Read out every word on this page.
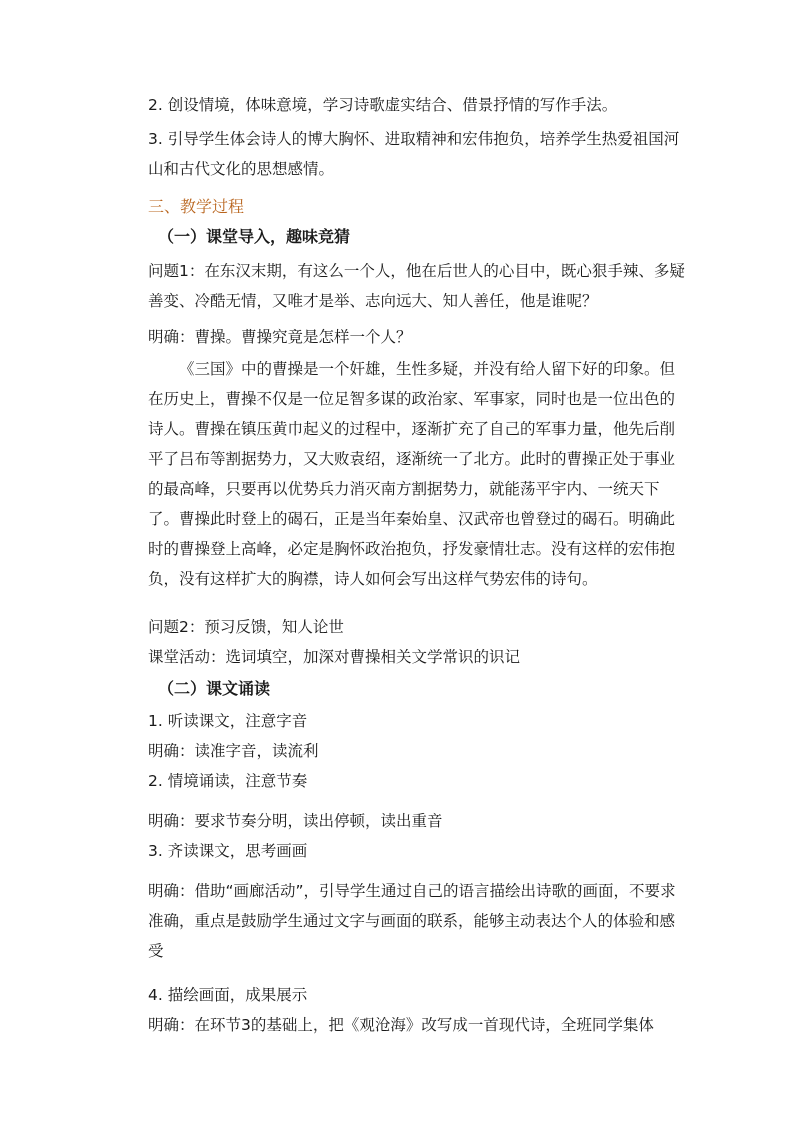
2. 创设情境，体味意境，学习诗歌虚实结合、借景抒情的写作手法。

3. 引导学生体会诗人的博大胸怀、进取精神和宏伟抱负，培养学生热爱祖国河山和古代文化的思想感情。

三、教学过程

（一）课堂导入，趣味竞猜

问题1：在东汉末期，有这么一个人，他在后世人的心目中，既心狠手辣、多疑善变、冷酷无情，又唯才是举、志向远大、知人善任，他是谁呢？

明确：曹操。曹操究竟是怎样一个人？

《三国》中的曹操是一个奸雄，生性多疑，并没有给人留下好的印象。但在历史上，曹操不仅是一位足智多谋的政治家、军事家，同时也是一位出色的诗人。曹操在镇压黄巾起义的过程中，逐渐扩充了自己的军事力量，他先后削平了吕布等割据势力，又大败袁绍，逐渐统一了北方。此时的曹操正处于事业的最高峰，只要再以优势兵力消灭南方割据势力，就能荡平宇内、一统天下了。曹操此时登上的碣石，正是当年秦始皇、汉武帝也曾登过的碣石。明确此时的曹操登上高峰，必定是胸怀政治抱负，抒发豪情壮志。没有这样的宏伟抱负，没有这样扩大的胸襟，诗人如何会写出这样气势宏伟的诗句。

问题2：预习反馈，知人论世

课堂活动：选词填空，加深对曹操相关文学常识的识记

（二）课文诵读

1. 听读课文，注意字音

明确：读准字音，读流利

2. 情境诵读，注意节奏

明确：要求节奏分明，读出停顿，读出重音

3. 齐读课文，思考画画

明确：借助“画廊活动”，引导学生通过自己的语言描绘出诗歌的画面，不要求准确，重点是鼓励学生通过文字与画面的联系，能够主动表达个人的体验和感受

4. 描绘画面，成果展示

明确：在环节3的基础上，把《观沧海》改写成一首现代诗，全班同学集体
